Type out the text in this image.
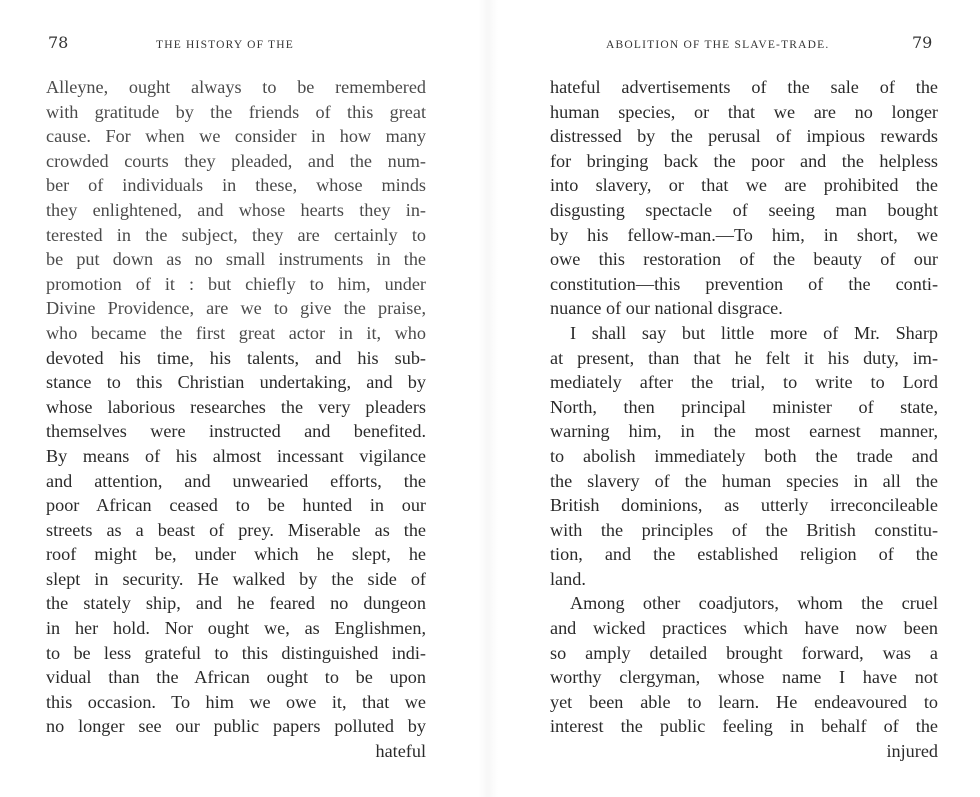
78	THE HISTORY OF THE
Alleyne, ought always to be remembered
with gratitude by the friends of this great
cause. For when we consider in how many
crowded courts they pleaded, and the num-
ber of individuals in these, whose minds
they enlightened, and whose hearts they in-
terested in the subject, they are certainly to
be put down as no small instruments in the
promotion of it : but chiefly to him, under
Divine Providence, are we to give the praise,
who became the first great actor in it, who
devoted his time, his talents, and his sub-
stance to this Christian undertaking, and by
whose laborious researches the very pleaders
themselves were instructed and benefited.
By means of his almost incessant vigilance
and attention, and unwearied efforts, the
poor African ceased to be hunted in our
streets as a beast of prey. Miserable as the
roof might be, under which he slept, he
slept in security. He walked by the side of
the stately ship, and he feared no dungeon
in her hold. Nor ought we, as Englishmen,
to be less grateful to this distinguished indi-
vidual than the African ought to be upon
this occasion. To him we owe it, that we
no longer see our public papers polluted by
hateful
ABOLITION OF THE SLAVE-TRADE.	79
hateful advertisements of the sale of the
human species, or that we are no longer
distressed by the perusal of impious rewards
for bringing back the poor and the helpless
into slavery, or that we are prohibited the
disgusting spectacle of seeing man bought
by his fellow-man.—To him, in short, we
owe this restoration of the beauty of our
constitution—this prevention of the conti-
nuance of our national disgrace.
I shall say but little more of Mr. Sharp
at present, than that he felt it his duty, im-
mediately after the trial, to write to Lord
North, then principal minister of state,
warning him, in the most earnest manner,
to abolish immediately both the trade and
the slavery of the human species in all the
British dominions, as utterly irreconcileable
with the principles of the British constitu-
tion, and the established religion of the
land.
Among other coadjutors, whom the cruel
and wicked practices which have now been
so amply detailed brought forward, was a
worthy clergyman, whose name I have not
yet been able to learn. He endeavoured to
interest the public feeling in behalf of the
injured
